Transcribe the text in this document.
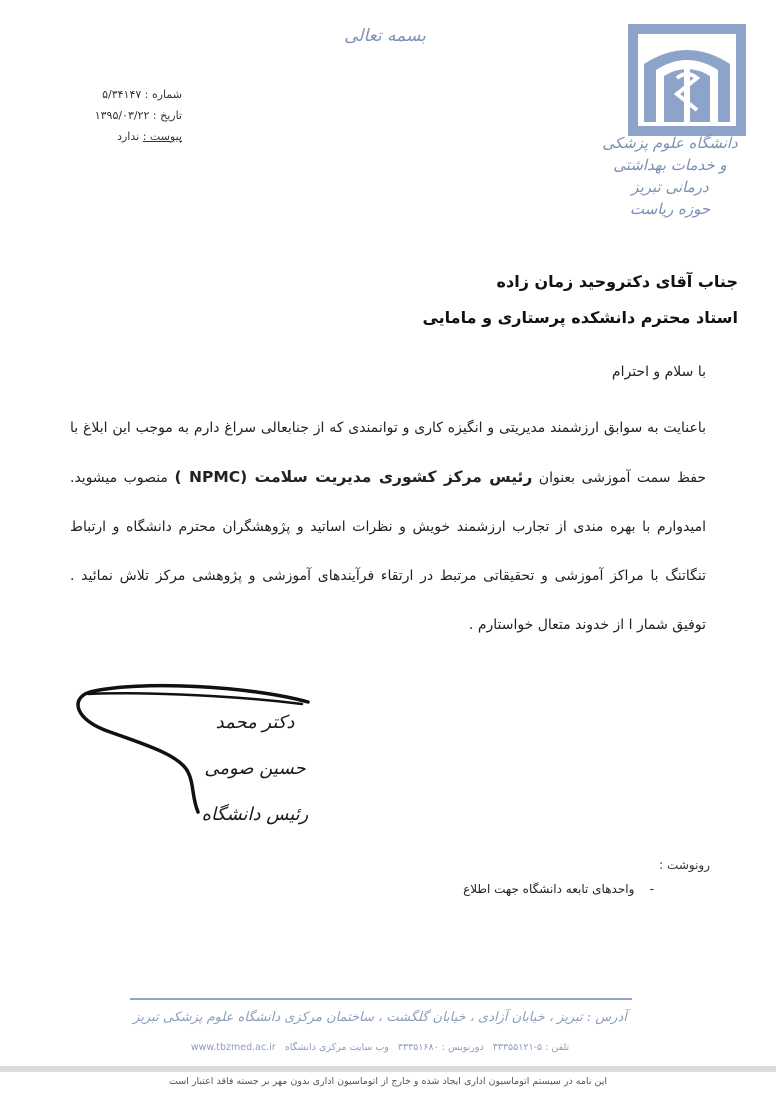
بسمه تعالی
دانشگاه علوم پزشکی
و خدمات بهداشتی درمانی تبریز
حوزه ریاست
شماره : ۵/۳۴۱۴۷
تاریخ : ۱۳۹۵/۰۳/۲۲
پیوست : ندارد
جناب آقای دکتروحید زمان زاده
استاد محترم دانشکده پرستاری و مامایی
با سلام و احترام
باعنایت به سوابق ارزشمند مدیریتی و انگیزه کاری و توانمندی که از جنابعالی سراغ دارم به موجب این ابلاغ با حفظ سمت آموزشی بعنوان رئیس مرکز کشوری مدیریت سلامت (NPMC ) منصوب میشوید. امیدوارم با بهره مندی از تجارب ارزشمند خویش و نظرات اساتید و پژوهشگران محترم دانشگاه و ارتباط تنگاتنگ با مراکز آموزشی و تحقیقاتی مرتبط در ارتقاء فرآیندهای آموزشی و پژوهشی مرکز تلاش نمائید . توفیق شمار ا از خدوند متعال خواستارم .
دکتر محمد حسین صومی
رئیس دانشگاه
رونوشت :
-    واحدهای تابعه دانشگاه جهت اطلاع
آدرس : تبریز ، خیابان آزادی ، خیابان گلگشت ، ساختمان مرکزی دانشگاه علوم پزشکی تبریز
تلفن : ۵-۳۳۳۵۵۱۲۱ دورنویس : ۳۳۳۵۱۶۸۰ وب سایت مرکزی دانشگاه www.tbzmed.ac.ir
این نامه در سیستم اتوماسیون اداری ایجاد شده و خارج از اتوماسیون اداری بدون مهر بر جسته فاقد اعتبار است
